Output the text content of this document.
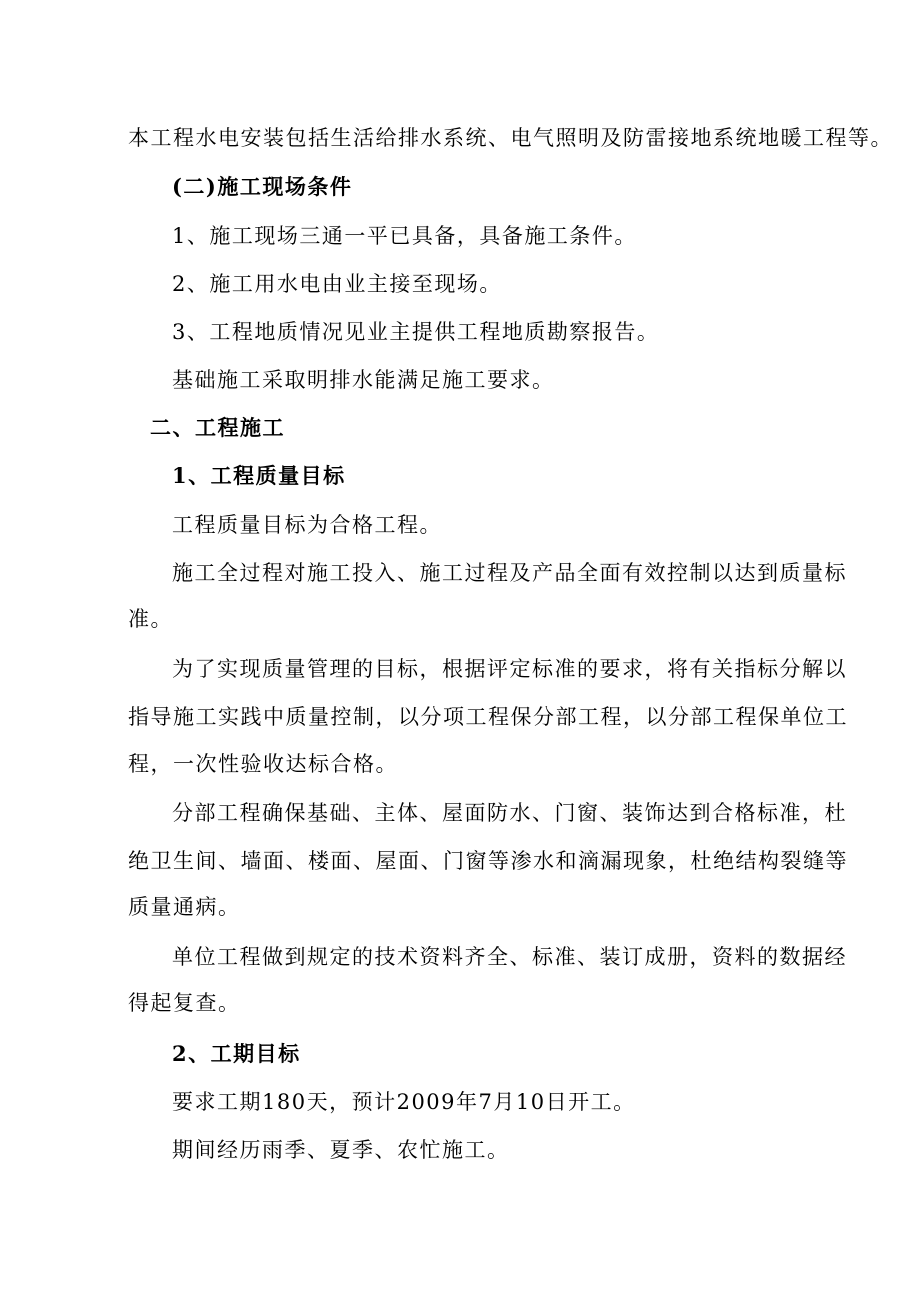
本工程水电安装包括生活给排水系统、电气照明及防雷接地系统地暖工程等。
(二)施工现场条件
1、施工现场三通一平已具备，具备施工条件。
2、施工用水电由业主接至现场。
3、工程地质情况见业主提供工程地质勘察报告。
基础施工采取明排水能满足施工要求。
二、工程施工
1、工程质量目标
工程质量目标为合格工程。
施工全过程对施工投入、施工过程及产品全面有效控制以达到质量标
准。
为了实现质量管理的目标，根据评定标准的要求，将有关指标分解以
指导施工实践中质量控制，以分项工程保分部工程，以分部工程保单位工
程，一次性验收达标合格。
分部工程确保基础、主体、屋面防水、门窗、装饰达到合格标准，杜
绝卫生间、墙面、楼面、屋面、门窗等渗水和滴漏现象，杜绝结构裂缝等
质量通病。
单位工程做到规定的技术资料齐全、标准、装订成册，资料的数据经
得起复查。
2、工期目标
要求工期180天，预计2009年7月10日开工。
期间经历雨季、夏季、农忙施工。
